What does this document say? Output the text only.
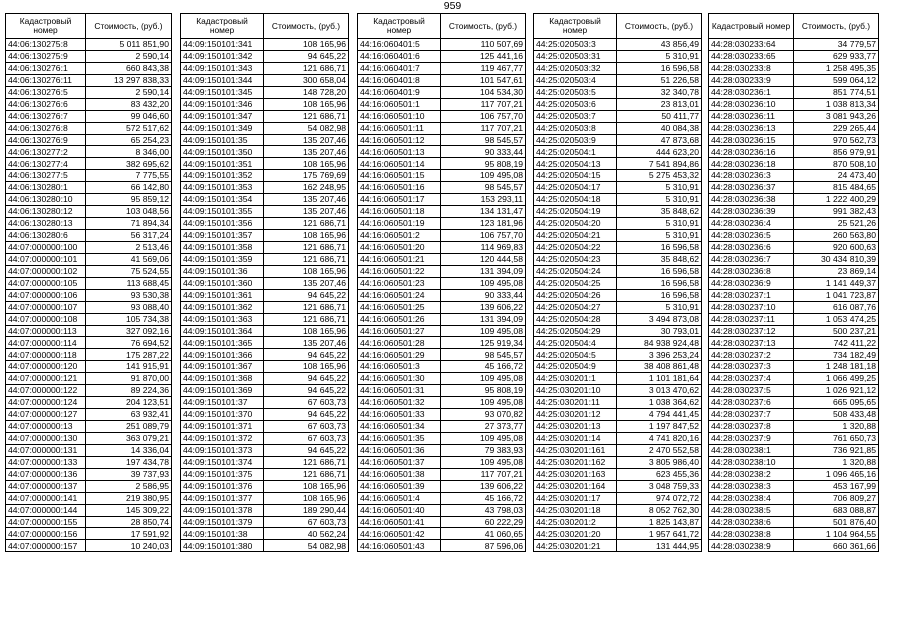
959
Кадастровый номер	Стоимость, (руб.)
44:06:130275:8	5 011 851,90
44:06:130275:9	2 590,14
44:06:130276:1	660 843,38
44:06:130276:11	13 297 838,33
44:06:130276:5	2 590,14
44:06:130276:6	83 432,20
44:06:130276:7	99 046,60
44:06:130276:8	572 517,62
44:06:130276:9	65 254,23
44:06:130277:2	8 346,00
44:06:130277:4	382 695,62
44:06:130277:5	7 775,55
44:06:130280:1	66 142,80
44:06:130280:10	95 859,12
44:06:130280:12	103 048,56
44:06:130280:13	71 894,34
44:06:130280:6	56 317,24
44:07:000000:100	2 513,46
44:07:000000:101	41 569,06
44:07:000000:102	75 524,55
44:07:000000:105	113 688,45
44:07:000000:106	93 530,38
44:07:000000:107	93 088,40
44:07:000000:108	105 734,38
44:07:000000:113	327 092,16
44:07:000000:114	76 694,52
44:07:000000:118	175 287,22
44:07:000000:120	141 915,91
44:07:000000:121	91 870,00
44:07:000000:122	89 224,36
44:07:000000:124	204 123,51
44:07:000000:127	63 932,41
44:07:000000:13	251 089,79
44:07:000000:130	363 079,21
44:07:000000:131	14 336,04
44:07:000000:133	197 434,78
44:07:000000:136	39 737,93
44:07:000000:137	2 586,95
44:07:000000:141	219 380,95
44:07:000000:144	145 309,22
44:07:000000:155	28 850,74
44:07:000000:156	17 591,92
44:07:000000:157	10 240,03
Кадастровый номер	Стоимость, (руб.)
44:09:150101:341	108 165,96
44:09:150101:342	94 645,22
44:09:150101:343	121 686,71
44:09:150101:344	300 658,04
44:09:150101:345	148 728,20
44:09:150101:346	108 165,96
44:09:150101:347	121 686,71
44:09:150101:349	54 082,98
44:09:150101:35	135 207,46
44:09:150101:350	135 207,46
44:09:150101:351	108 165,96
44:09:150101:352	175 769,69
44:09:150101:353	162 248,95
44:09:150101:354	135 207,46
44:09:150101:355	135 207,46
44:09:150101:356	121 686,71
44:09:150101:357	108 165,96
44:09:150101:358	121 686,71
44:09:150101:359	121 686,71
44:09:150101:36	108 165,96
44:09:150101:360	135 207,46
44:09:150101:361	94 645,22
44:09:150101:362	121 686,71
44:09:150101:363	121 686,71
44:09:150101:364	108 165,96
44:09:150101:365	135 207,46
44:09:150101:366	94 645,22
44:09:150101:367	108 165,96
44:09:150101:368	94 645,22
44:09:150101:369	94 645,22
44:09:150101:37	67 603,73
44:09:150101:370	94 645,22
44:09:150101:371	67 603,73
44:09:150101:372	67 603,73
44:09:150101:373	94 645,22
44:09:150101:374	121 686,71
44:09:150101:375	121 686,71
44:09:150101:376	108 165,96
44:09:150101:377	108 165,96
44:09:150101:378	189 290,44
44:09:150101:379	67 603,73
44:09:150101:38	40 562,24
44:09:150101:380	54 082,98
Кадастровый номер	Стоимость, (руб.)
44:16:060401:5	110 507,69
44:16:060401:6	125 441,16
44:16:060401:7	119 467,77
44:16:060401:8	101 547,61
44:16:060401:9	104 534,30
44:16:060501:1	117 707,21
44:16:060501:10	106 757,70
44:16:060501:11	117 707,21
44:16:060501:12	98 545,57
44:16:060501:13	90 333,44
44:16:060501:14	95 808,19
44:16:060501:15	109 495,08
44:16:060501:16	98 545,57
44:16:060501:17	153 293,11
44:16:060501:18	134 131,47
44:16:060501:19	123 181,96
44:16:060501:2	106 757,70
44:16:060501:20	114 969,83
44:16:060501:21	120 444,58
44:16:060501:22	131 394,09
44:16:060501:23	109 495,08
44:16:060501:24	90 333,44
44:16:060501:25	139 606,22
44:16:060501:26	131 394,09
44:16:060501:27	109 495,08
44:16:060501:28	125 919,34
44:16:060501:29	98 545,57
44:16:060501:3	45 166,72
44:16:060501:30	109 495,08
44:16:060501:31	95 808,19
44:16:060501:32	109 495,08
44:16:060501:33	93 070,82
44:16:060501:34	27 373,77
44:16:060501:35	109 495,08
44:16:060501:36	79 383,93
44:16:060501:37	109 495,08
44:16:060501:38	117 707,21
44:16:060501:39	139 606,22
44:16:060501:4	45 166,72
44:16:060501:40	43 798,03
44:16:060501:41	60 222,29
44:16:060501:42	41 060,65
44:16:060501:43	87 596,06
Кадастровый номер	Стоимость, (руб.)
44:25:020503:3	43 856,49
44:25:020503:31	5 310,91
44:25:020503:32	16 596,58
44:25:020503:4	51 226,58
44:25:020503:5	32 340,78
44:25:020503:6	23 813,01
44:25:020503:7	50 411,77
44:25:020503:8	40 084,38
44:25:020503:9	47 873,68
44:25:020504:1	444 623,20
44:25:020504:13	7 541 894,86
44:25:020504:15	5 275 453,32
44:25:020504:17	5 310,91
44:25:020504:18	5 310,91
44:25:020504:19	35 848,62
44:25:020504:20	5 310,91
44:25:020504:21	5 310,91
44:25:020504:22	16 596,58
44:25:020504:23	35 848,62
44:25:020504:24	16 596,58
44:25:020504:25	16 596,58
44:25:020504:26	16 596,58
44:25:020504:27	5 310,91
44:25:020504:28	3 494 873,08
44:25:020504:29	30 793,01
44:25:020504:4	84 938 924,48
44:25:020504:5	3 396 253,24
44:25:020504:9	38 408 861,48
44:25:030201:1	1 101 181,64
44:25:030201:10	3 013 470,62
44:25:030201:11	1 038 364,62
44:25:030201:12	4 794 441,45
44:25:030201:13	1 197 847,52
44:25:030201:14	4 741 820,16
44:25:030201:161	2 470 552,58
44:25:030201:162	3 805 986,40
44:25:030201:163	623 455,36
44:25:030201:164	3 048 759,33
44:25:030201:17	974 072,72
44:25:030201:18	8 052 762,30
44:25:030201:2	1 825 143,87
44:25:030201:20	1 957 641,72
44:25:030201:21	131 444,95
Кадастровый номер	Стоимость, (руб.)
44:28:030233:64	34 779,57
44:28:030233:65	629 933,77
44:28:030233:8	1 258 495,35
44:28:030233:9	599 064,12
44:28:030236:1	851 774,51
44:28:030236:10	1 038 813,34
44:28:030236:11	3 081 943,26
44:28:030236:13	229 265,44
44:28:030236:15	970 562,73
44:28:030236:16	856 979,91
44:28:030236:18	870 508,10
44:28:030236:3	24 473,40
44:28:030236:37	815 484,65
44:28:030236:38	1 222 400,29
44:28:030236:39	991 382,43
44:28:030236:4	25 521,26
44:28:030236:5	260 563,80
44:28:030236:6	920 600,63
44:28:030236:7	30 434 810,39
44:28:030236:8	23 869,14
44:28:030236:9	1 141 449,37
44:28:030237:1	1 041 723,87
44:28:030237:10	616 087,76
44:28:030237:11	1 053 474,25
44:28:030237:12	500 237,21
44:28:030237:13	742 411,22
44:28:030237:2	734 182,49
44:28:030237:3	1 248 181,18
44:28:030237:4	1 066 499,25
44:28:030237:5	1 026 921,12
44:28:030237:6	665 095,65
44:28:030237:7	508 433,48
44:28:030237:8	1 320,88
44:28:030237:9	761 650,73
44:28:030238:1	736 921,85
44:28:030238:10	1 320,88
44:28:030238:2	1 096 465,16
44:28:030238:3	453 167,99
44:28:030238:4	706 809,27
44:28:030238:5	683 088,87
44:28:030238:6	501 876,40
44:28:030238:8	1 104 964,55
44:28:030238:9	660 361,66
